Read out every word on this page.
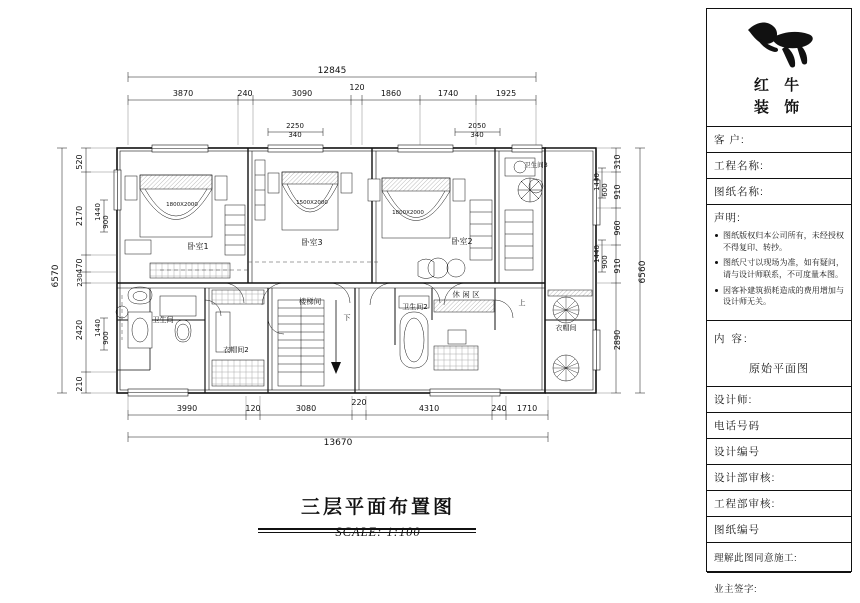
12845
3870	240	3090
120
1860	1740	1925
2250
340
2050
340
13670
3990	120	3080
220
4310	240 1710
6570
520
2170
470
230
2420
210
1440
900
1440
900
6560
310
910
960
910
2890
1440 600
1440 900
卧室1	卧室3	卧室2
卫生间
衣帽间2
楼梯间
卫生间2
休 闲 区
卫生间3
衣帽间
1800X2000	1500X2000
1800X2000
下
上
三层平面布置图
SCALE: 1:100
红 牛
装 饰
客 户:
工程名称:
图纸名称:
声明:
图纸版权归本公司所有，未经授权不得复印、转抄。
图纸尺寸以现场为准，如有疑问，请与设计师联系，不可度量本图。
因客补建筑损耗造成的费用增加与设计师无关。
内 容:
原始平面图
设计师:
电话号码
设计编号
设计部审核:
工程部审核:
图纸编号
理解此图同意施工:
业主签字:
